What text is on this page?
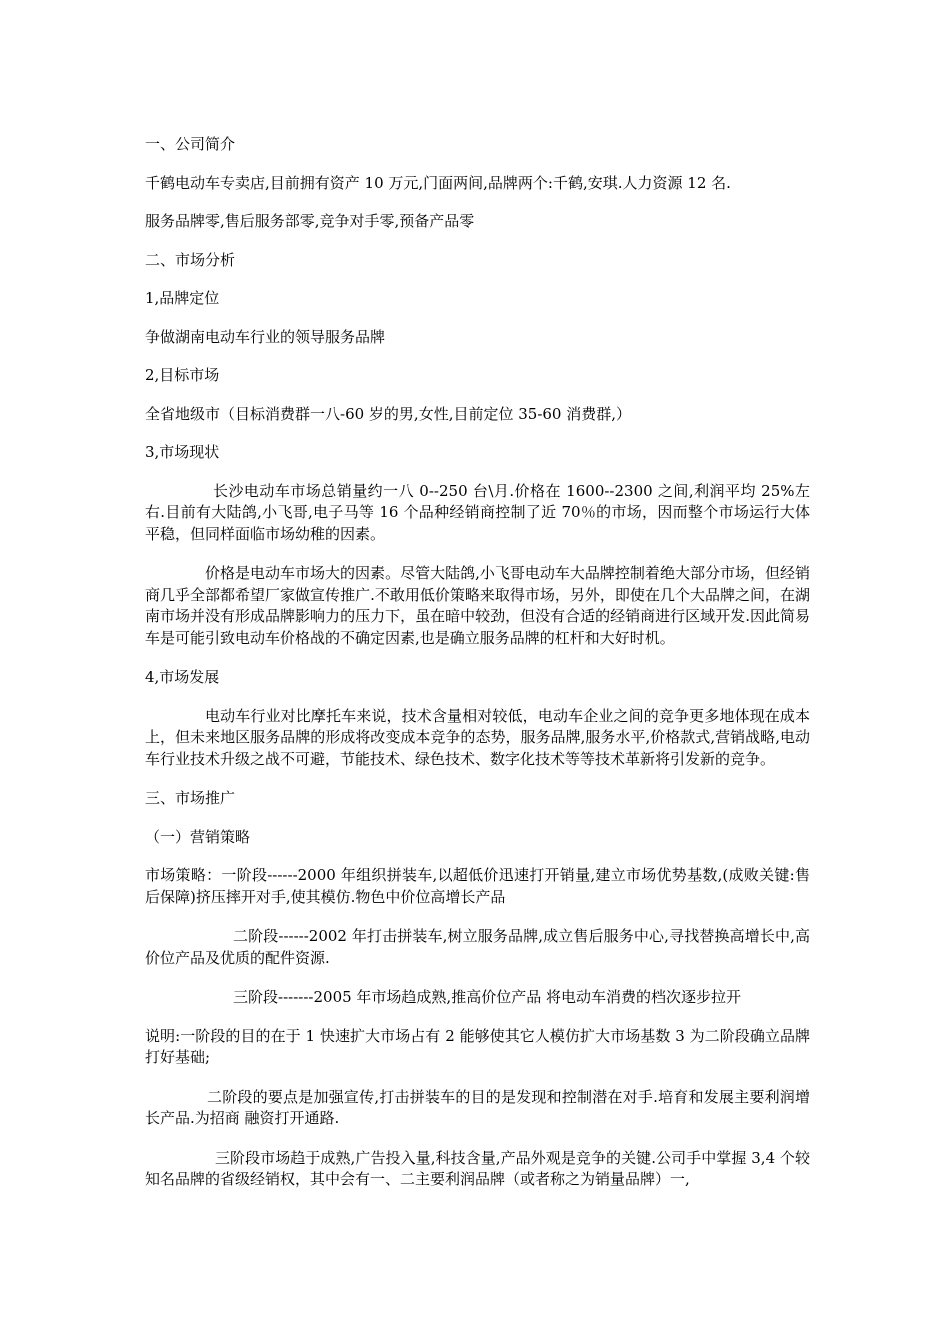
一、公司简介

千鹤电动车专卖店,目前拥有资产 10 万元,门面两间,品牌两个:千鹤,安琪.人力资源 12 名.

服务品牌零,售后服务部零,竞争对手零,预备产品零

二、市场分析

1,品牌定位

争做湖南电动车行业的领导服务品牌

2,目标市场

全省地级市（目标消费群一八-60 岁的男,女性,目前定位 35-60 消费群,）

3,市场现状

长沙电动车市场总销量约一八 0--250 台\月.价格在 1600--2300 之间,利润平均 25%左右.目前有大陆鸽,小飞哥,电子马等 16 个品种经销商控制了近 70％的市场，因而整个市场运行大体平稳，但同样面临市场幼稚的因素。

价格是电动车市场大的因素。尽管大陆鸽,小飞哥电动车大品牌控制着绝大部分市场，但经销商几乎全部都希望厂家做宣传推广.不敢用低价策略来取得市场，另外，即使在几个大品牌之间，在湖南市场并没有形成品牌影响力的压力下，虽在暗中较劲，但没有合适的经销商进行区域开发.因此简易车是可能引致电动车价格战的不确定因素,也是确立服务品牌的杠杆和大好时机。

4,市场发展

电动车行业对比摩托车来说，技术含量相对较低，电动车企业之间的竞争更多地体现在成本上，但未来地区服务品牌的形成将改变成本竞争的态势，服务品牌,服务水平,价格款式,营销战略,电动车行业技术升级之战不可避，节能技术、绿色技术、数字化技术等等技术革新将引发新的竞争。

三、市场推广

（一）营销策略

市场策略：一阶段------2000 年组织拼装车,以超低价迅速打开销量,建立市场优势基数,(成败关键:售后保障)挤压摔开对手,使其模仿.物色中价位高增长产品

二阶段------2002 年打击拼装车,树立服务品牌,成立售后服务中心,寻找替换高增长中,高价位产品及优质的配件资源.

三阶段-------2005 年市场趋成熟,推高价位产品 将电动车消费的档次逐步拉开

说明:一阶段的目的在于 1 快速扩大市场占有 2 能够使其它人模仿扩大市场基数 3 为二阶段确立品牌打好基础;

二阶段的要点是加强宣传,打击拼装车的目的是发现和控制潜在对手.培育和发展主要利润增长产品.为招商 融资打开通路.

三阶段市场趋于成熟,广告投入量,科技含量,产品外观是竞争的关键.公司手中掌握 3,4 个较知名品牌的省级经销权，其中会有一、二主要利润品牌（或者称之为销量品牌）一,
